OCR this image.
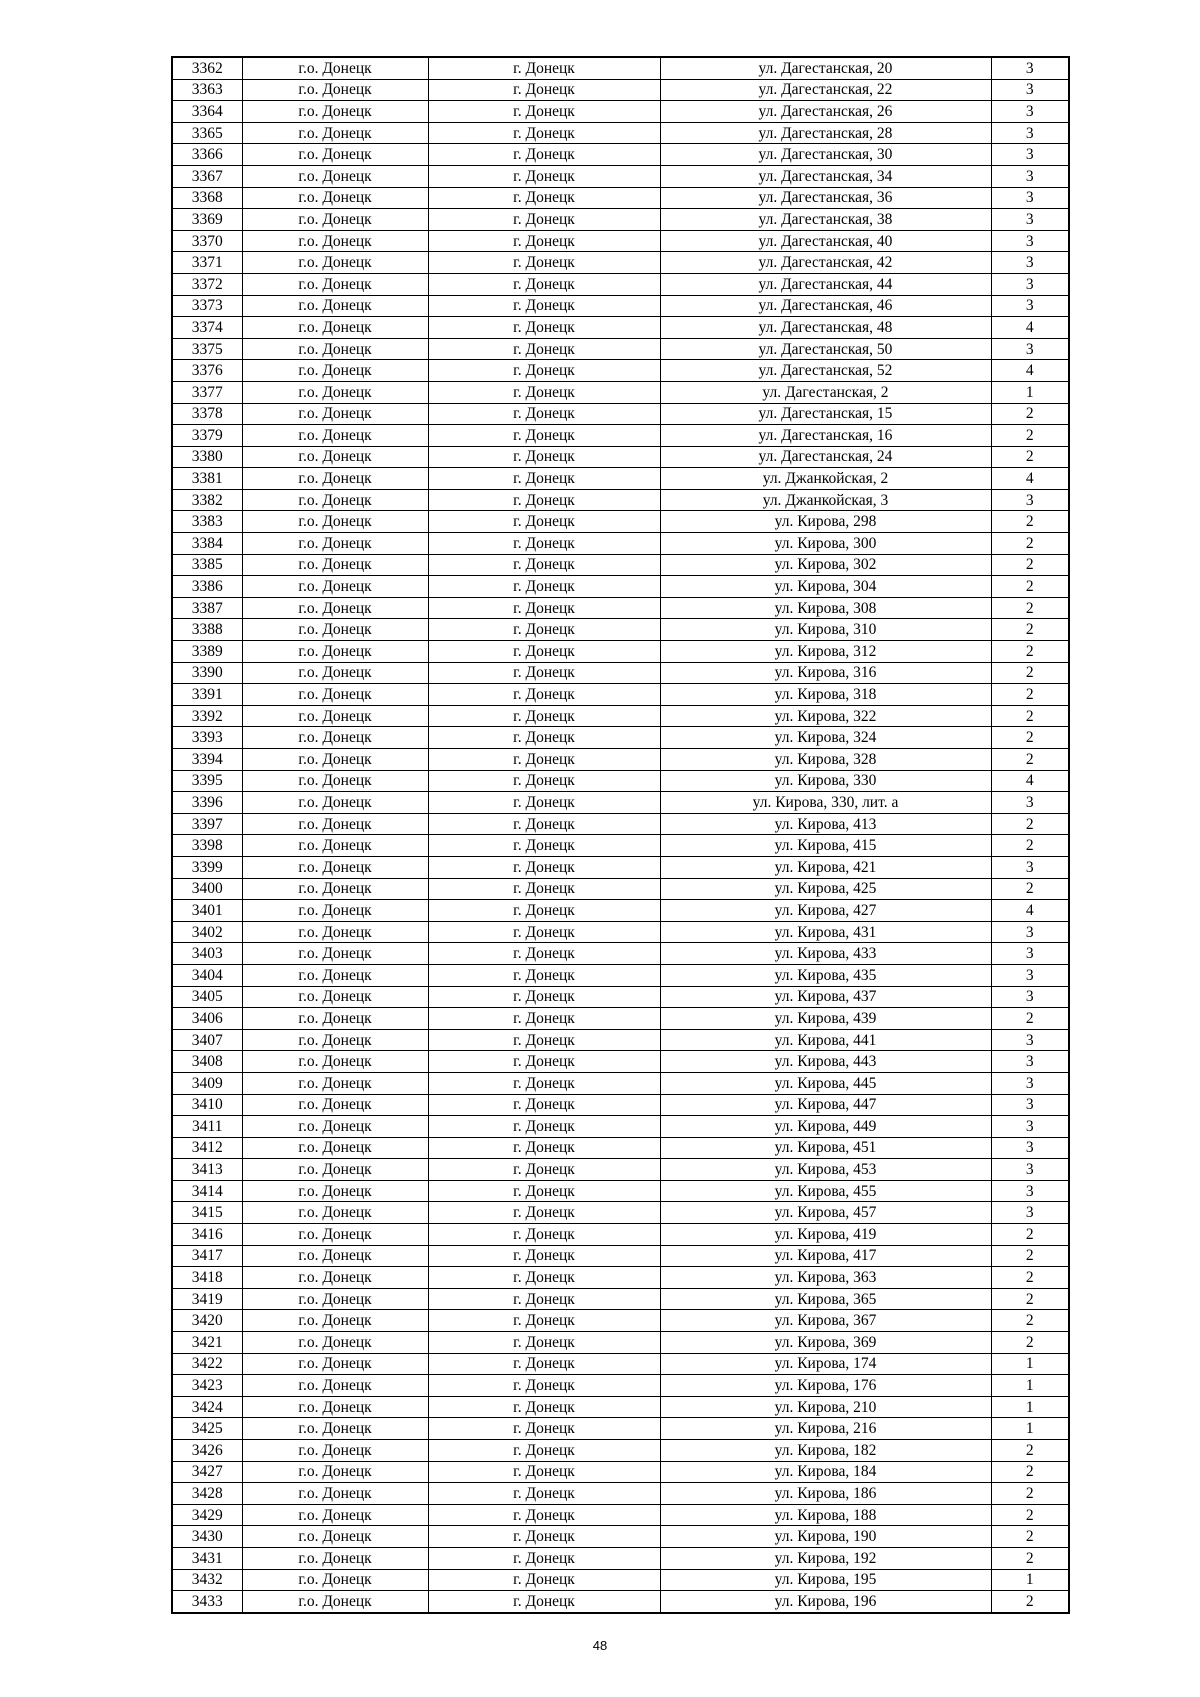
3362	г.о. Донецк	г. Донецк	ул. Дагестанская, 20	3
3363	г.о. Донецк	г. Донецк	ул. Дагестанская, 22	3
3364	г.о. Донецк	г. Донецк	ул. Дагестанская, 26	3
3365	г.о. Донецк	г. Донецк	ул. Дагестанская, 28	3
3366	г.о. Донецк	г. Донецк	ул. Дагестанская, 30	3
3367	г.о. Донецк	г. Донецк	ул. Дагестанская, 34	3
3368	г.о. Донецк	г. Донецк	ул. Дагестанская, 36	3
3369	г.о. Донецк	г. Донецк	ул. Дагестанская, 38	3
3370	г.о. Донецк	г. Донецк	ул. Дагестанская, 40	3
3371	г.о. Донецк	г. Донецк	ул. Дагестанская, 42	3
3372	г.о. Донецк	г. Донецк	ул. Дагестанская, 44	3
3373	г.о. Донецк	г. Донецк	ул. Дагестанская, 46	3
3374	г.о. Донецк	г. Донецк	ул. Дагестанская, 48	4
3375	г.о. Донецк	г. Донецк	ул. Дагестанская, 50	3
3376	г.о. Донецк	г. Донецк	ул. Дагестанская, 52	4
3377	г.о. Донецк	г. Донецк	ул. Дагестанская, 2	1
3378	г.о. Донецк	г. Донецк	ул. Дагестанская, 15	2
3379	г.о. Донецк	г. Донецк	ул. Дагестанская, 16	2
3380	г.о. Донецк	г. Донецк	ул. Дагестанская, 24	2
3381	г.о. Донецк	г. Донецк	ул. Джанкойская, 2	4
3382	г.о. Донецк	г. Донецк	ул. Джанкойская, 3	3
3383	г.о. Донецк	г. Донецк	ул. Кирова, 298	2
3384	г.о. Донецк	г. Донецк	ул. Кирова, 300	2
3385	г.о. Донецк	г. Донецк	ул. Кирова, 302	2
3386	г.о. Донецк	г. Донецк	ул. Кирова, 304	2
3387	г.о. Донецк	г. Донецк	ул. Кирова, 308	2
3388	г.о. Донецк	г. Донецк	ул. Кирова, 310	2
3389	г.о. Донецк	г. Донецк	ул. Кирова, 312	2
3390	г.о. Донецк	г. Донецк	ул. Кирова, 316	2
3391	г.о. Донецк	г. Донецк	ул. Кирова, 318	2
3392	г.о. Донецк	г. Донецк	ул. Кирова, 322	2
3393	г.о. Донецк	г. Донецк	ул. Кирова, 324	2
3394	г.о. Донецк	г. Донецк	ул. Кирова, 328	2
3395	г.о. Донецк	г. Донецк	ул. Кирова, 330	4
3396	г.о. Донецк	г. Донецк	ул. Кирова, 330, лит. а	3
3397	г.о. Донецк	г. Донецк	ул. Кирова, 413	2
3398	г.о. Донецк	г. Донецк	ул. Кирова, 415	2
3399	г.о. Донецк	г. Донецк	ул. Кирова, 421	3
3400	г.о. Донецк	г. Донецк	ул. Кирова, 425	2
3401	г.о. Донецк	г. Донецк	ул. Кирова, 427	4
3402	г.о. Донецк	г. Донецк	ул. Кирова, 431	3
3403	г.о. Донецк	г. Донецк	ул. Кирова, 433	3
3404	г.о. Донецк	г. Донецк	ул. Кирова, 435	3
3405	г.о. Донецк	г. Донецк	ул. Кирова, 437	3
3406	г.о. Донецк	г. Донецк	ул. Кирова, 439	2
3407	г.о. Донецк	г. Донецк	ул. Кирова, 441	3
3408	г.о. Донецк	г. Донецк	ул. Кирова, 443	3
3409	г.о. Донецк	г. Донецк	ул. Кирова, 445	3
3410	г.о. Донецк	г. Донецк	ул. Кирова, 447	3
3411	г.о. Донецк	г. Донецк	ул. Кирова, 449	3
3412	г.о. Донецк	г. Донецк	ул. Кирова, 451	3
3413	г.о. Донецк	г. Донецк	ул. Кирова, 453	3
3414	г.о. Донецк	г. Донецк	ул. Кирова, 455	3
3415	г.о. Донецк	г. Донецк	ул. Кирова, 457	3
3416	г.о. Донецк	г. Донецк	ул. Кирова, 419	2
3417	г.о. Донецк	г. Донецк	ул. Кирова, 417	2
3418	г.о. Донецк	г. Донецк	ул. Кирова, 363	2
3419	г.о. Донецк	г. Донецк	ул. Кирова, 365	2
3420	г.о. Донецк	г. Донецк	ул. Кирова, 367	2
3421	г.о. Донецк	г. Донецк	ул. Кирова, 369	2
3422	г.о. Донецк	г. Донецк	ул. Кирова, 174	1
3423	г.о. Донецк	г. Донецк	ул. Кирова, 176	1
3424	г.о. Донецк	г. Донецк	ул. Кирова, 210	1
3425	г.о. Донецк	г. Донецк	ул. Кирова, 216	1
3426	г.о. Донецк	г. Донецк	ул. Кирова, 182	2
3427	г.о. Донецк	г. Донецк	ул. Кирова, 184	2
3428	г.о. Донецк	г. Донецк	ул. Кирова, 186	2
3429	г.о. Донецк	г. Донецк	ул. Кирова, 188	2
3430	г.о. Донецк	г. Донецк	ул. Кирова, 190	2
3431	г.о. Донецк	г. Донецк	ул. Кирова, 192	2
3432	г.о. Донецк	г. Донецк	ул. Кирова, 195	1
3433	г.о. Донецк	г. Донецк	ул. Кирова, 196	2
48
